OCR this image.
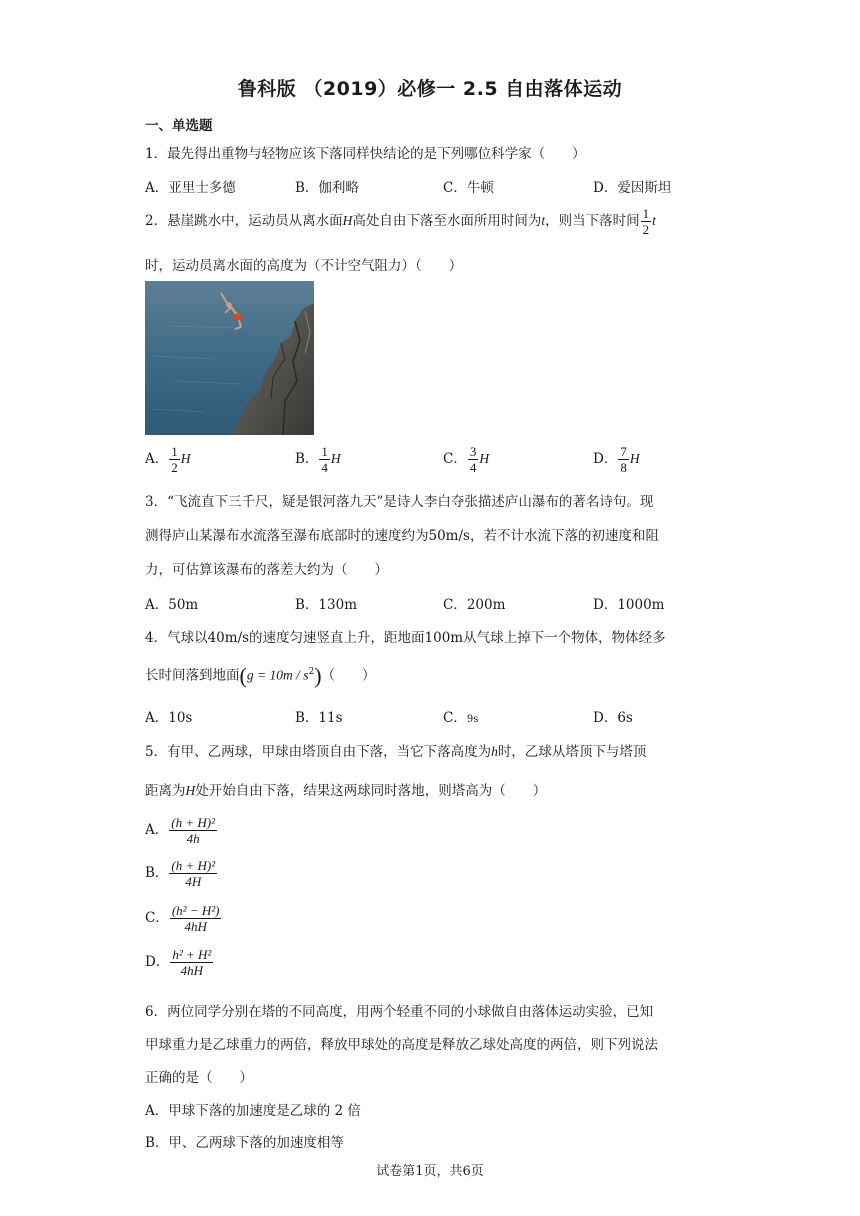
鲁科版 （2019）必修一 2.5 自由落体运动
一、单选题
1．最先得出重物与轻物应该下落同样快结论的是下列哪位科学家（　　）
A．亚里士多德	B．伽利略	C．牛顿	D．爱因斯坦
2．悬崖跳水中，运动员从离水面H高处自由下落至水面所用时间为t，则当下落时间 $\frac{1}{2}$ t
时，运动员离水面的高度为（不计空气阻力）（　　）
A． $\frac{1}{2}$ H	B． $\frac{1}{4}$ H	C． $\frac{3}{4}$ H	D． $\frac{7}{8}$ H
3．“飞流直下三千尺，疑是银河落九天”是诗人李白夺张描述庐山瀑布的著名诗句。现
测得庐山某瀑布水流落至瀑布底部时的速度约为50m/s，若不计水流下落的初速度和阻
力，可估算该瀑布的落差大约为（　　）
A．50m	B．130m	C．200m	D．1000m
4．气球以40m/s的速度匀速竖直上升，距地面100m从气球上掉下一个物体，物体经多
长时间落到地面$(g = 10m / s^2)$（　　）
A．10s	B．11s	C．9s	D．6s
5．有甲、乙两球，甲球由塔顶自由下落，当它下落高度为h时，乙球从塔顶下与塔顶
距离为H处开始自由下落，结果这两球同时落地，则塔高为（　　）
A． $\frac{\text{(h + H)²}}{4h}$
B． $\frac{\text{(h + H)²}}{4H}$
C． $\frac{\text{(h² − H²)}}{4hH}$
D． $\frac{\text{h² + H²}}{4hH}$
6．两位同学分别在塔的不同高度，用两个轻重不同的小球做自由落体运动实验，已知
甲球重力是乙球重力的两倍，释放甲球处的高度是释放乙球处高度的两倍，则下列说法
正确的是（　　）
A．甲球下落的加速度是乙球的 2 倍
B．甲、乙两球下落的加速度相等
试卷第1页，共6页
